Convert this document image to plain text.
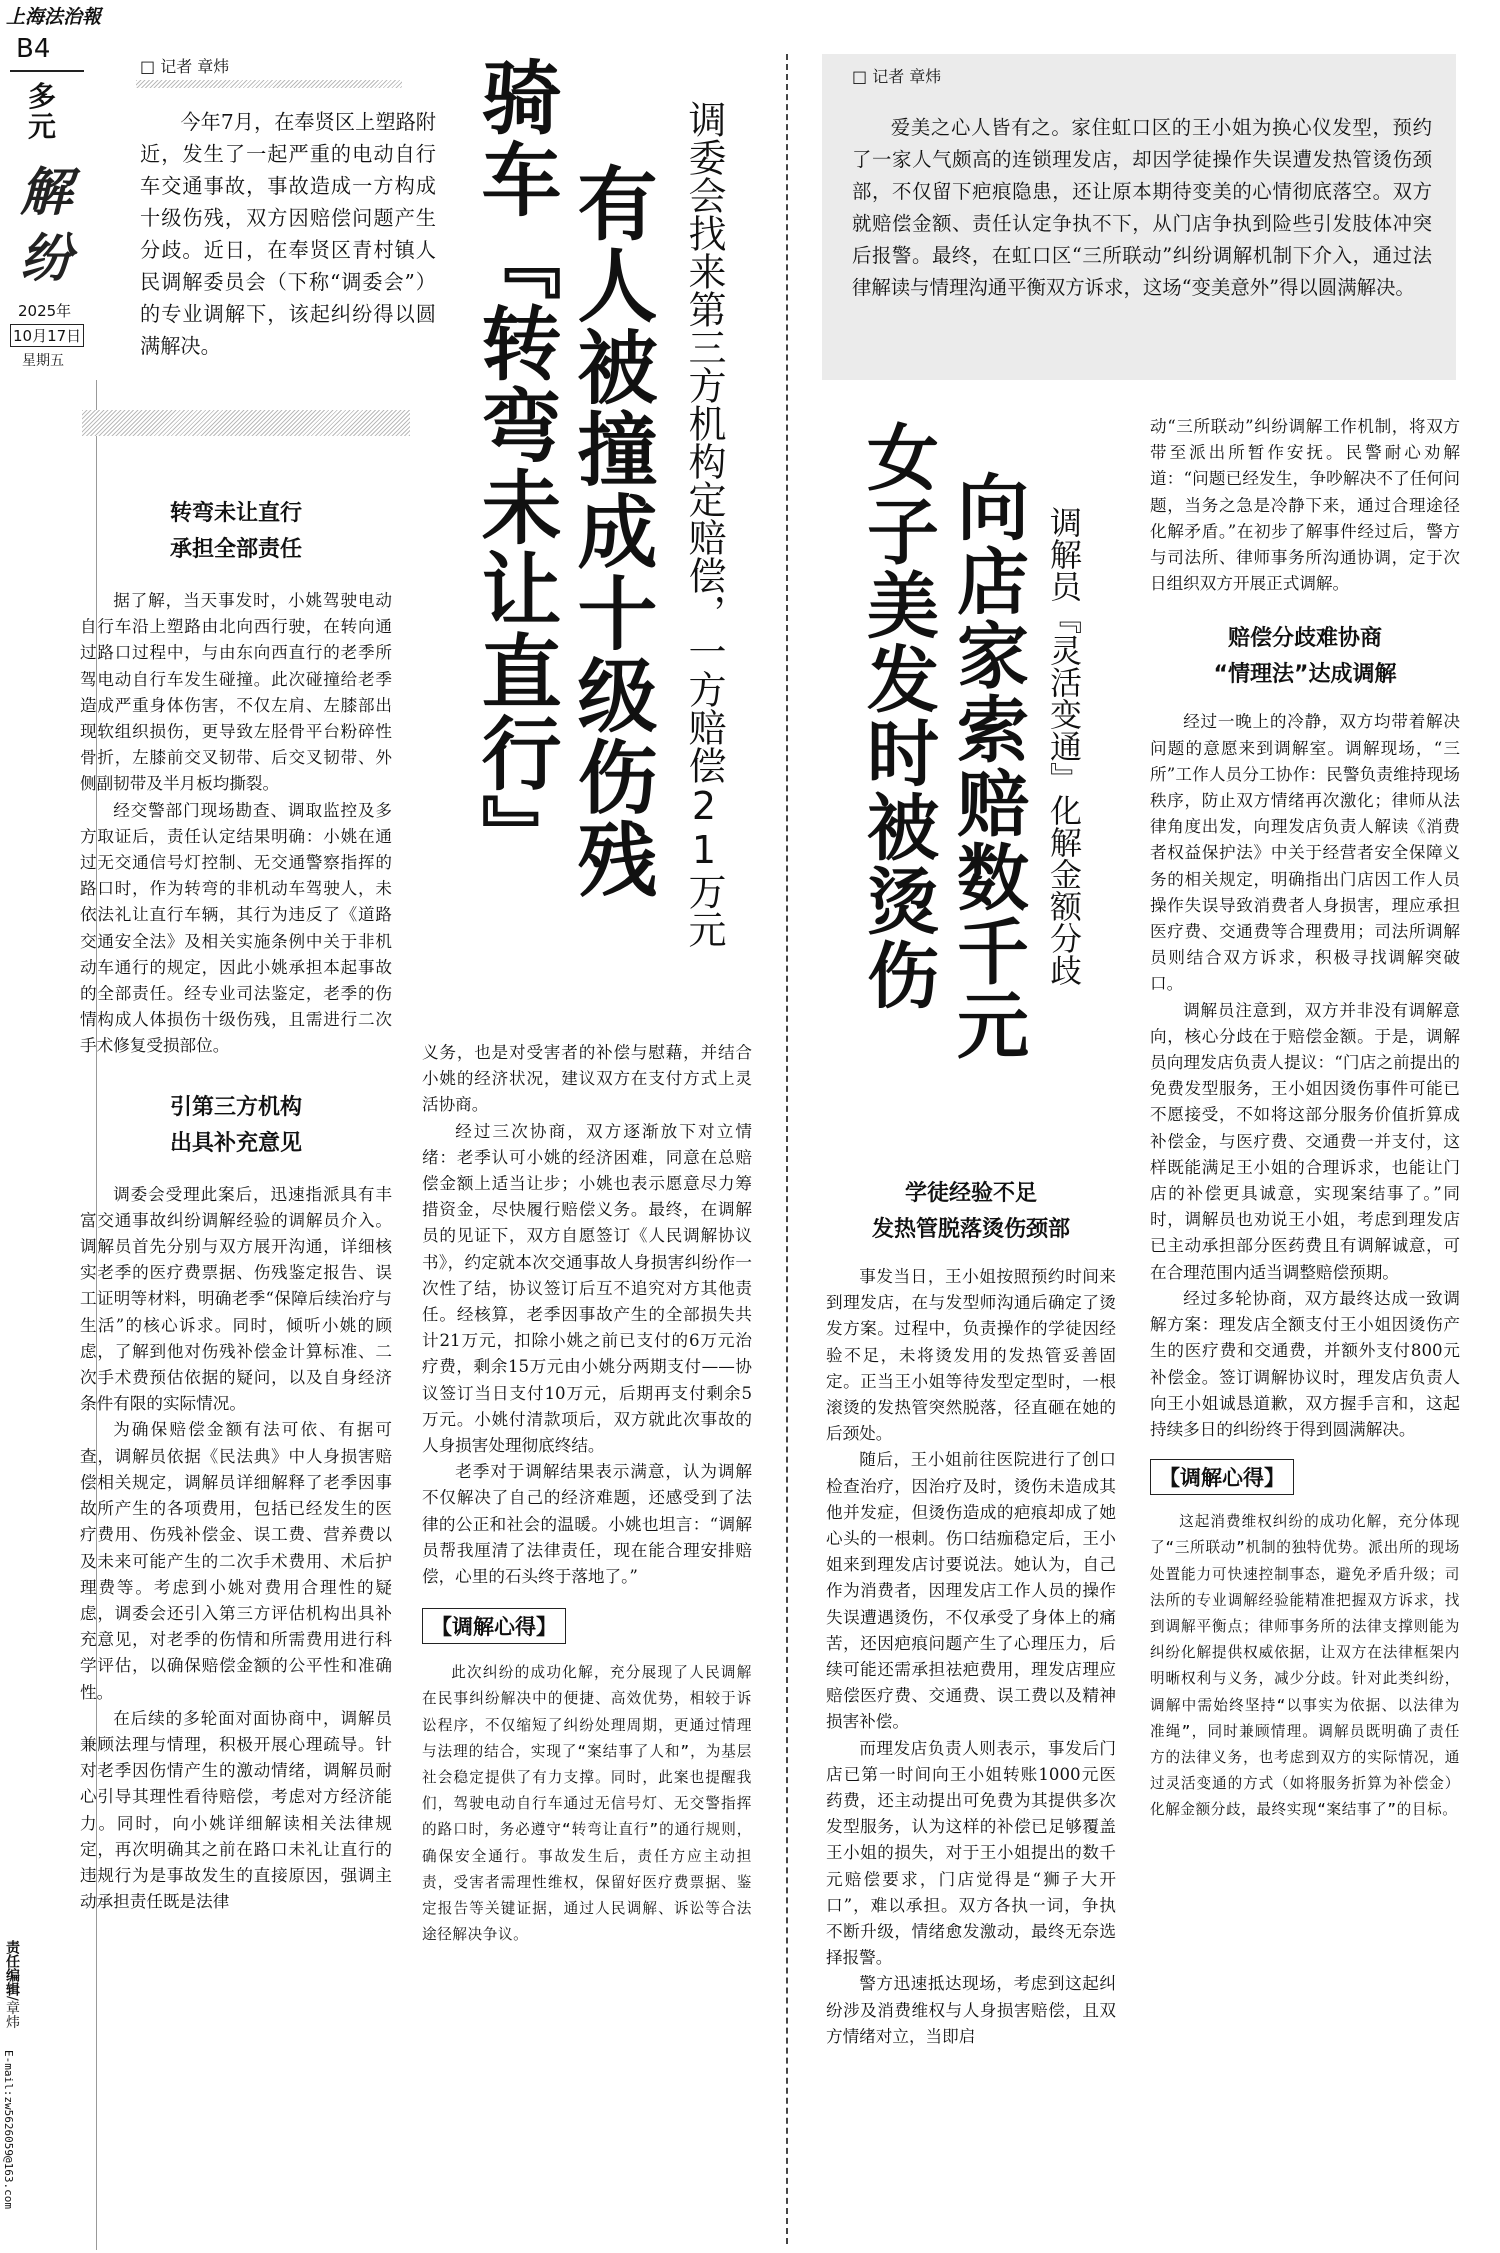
上海法治報
B4
多元
解
纷
2025年
10月17日
星期五
责任编辑/章炜
E-mail:zw5626059@163.com
□ 记者 章炜

今年7月，在奉贤区上塑路附近，发生了一起严重的电动自行车交通事故，事故造成一方构成十级伤残，双方因赔偿问题产生分歧。近日，在奉贤区青村镇人民调解委员会（下称“调委会”）的专业调解下，该起纠纷得以圆满解决。	骑车『转弯未让直行』 有人被撞成十级伤残 调委会找来第三方机构定赔偿，一方赔偿21万元

转弯未让直行

承担全部责任

据了解，当天事发时，小姚驾驶电动自行车沿上塑路由北向西行驶，在转向通过路口过程中，与由东向西直行的老季所驾电动自行车发生碰撞。此次碰撞给老季造成严重身体伤害，不仅左肩、左膝部出现软组织损伤，更导致左胫骨平台粉碎性骨折，左膝前交叉韧带、后交叉韧带、外侧副韧带及半月板均撕裂。

经交警部门现场勘查、调取监控及多方取证后，责任认定结果明确：小姚在通过无交通信号灯控制、无交通警察指挥的路口时，作为转弯的非机动车驾驶人，未依法礼让直行车辆，其行为违反了《道路交通安全法》及相关实施条例中关于非机动车通行的规定，因此小姚承担本起事故的全部责任。经专业司法鉴定，老季的伤情构成人体损伤十级伤残，且需进行二次手术修复受损部位。

引第三方机构

出具补充意见

调委会受理此案后，迅速指派具有丰富交通事故纠纷调解经验的调解员介入。调解员首先分别与双方展开沟通，详细核实老季的医疗费票据、伤残鉴定报告、误工证明等材料，明确老季“保障后续治疗与生活”的核心诉求。同时，倾听小姚的顾虑，了解到他对伤残补偿金计算标准、二次手术费预估依据的疑问，以及自身经济条件有限的实际情况。

为确保赔偿金额有法可依、有据可查，调解员依据《民法典》中人身损害赔偿相关规定，调解员详细解释了老季因事故所产生的各项费用，包括已经发生的医疗费用、伤残补偿金、误工费、营养费以及未来可能产生的二次手术费用、术后护理费等。考虑到小姚对费用合理性的疑虑，调委会还引入第三方评估机构出具补充意见，对老季的伤情和所需费用进行科学评估，以确保赔偿金额的公平性和准确性。

在后续的多轮面对面协商中，调解员兼顾法理与情理，积极开展心理疏导。针对老季因伤情产生的激动情绪，调解员耐心引导其理性看待赔偿，考虑对方经济能力。同时，向小姚详细解读相关法律规定，再次明确其之前在路口未礼让直行的违规行为是事故发生的直接原因，强调主动承担责任既是法律

义务，也是对受害者的补偿与慰藉，并结合小姚的经济状况，建议双方在支付方式上灵活协商。

经过三次协商，双方逐渐放下对立情绪：老季认可小姚的经济困难，同意在总赔偿金额上适当让步；小姚也表示愿意尽力筹措资金，尽快履行赔偿义务。最终，在调解员的见证下，双方自愿签订《人民调解协议书》，约定就本次交通事故人身损害纠纷作一次性了结，协议签订后互不追究对方其他责任。经核算，老季因事故产生的全部损失共计21万元，扣除小姚之前已支付的6万元治疗费，剩余15万元由小姚分两期支付——协议签订当日支付10万元，后期再支付剩余5万元。小姚付清款项后，双方就此次事故的人身损害处理彻底终结。

老季对于调解结果表示满意，认为调解不仅解决了自己的经济难题，还感受到了法律的公正和社会的温暖。小姚也坦言：“调解员帮我厘清了法律责任，现在能合理安排赔偿，心里的石头终于落地了。”

【调解心得】

此次纠纷的成功化解，充分展现了人民调解在民事纠纷解决中的便捷、高效优势，相较于诉讼程序，不仅缩短了纠纷处理周期，更通过情理与法理的结合，实现了“案结事了人和”，为基层社会稳定提供了有力支撑。同时，此案也提醒我们，驾驶电动自行车通过无信号灯、无交警指挥的路口时，务必遵守“转弯让直行”的通行规则，确保安全通行。事故发生后，责任方应主动担责，受害者需理性维权，保留好医疗费票据、鉴定报告等关键证据，通过人民调解、诉讼等合法途径解决争议。

□ 记者 章炜

爱美之心人皆有之。家住虹口区的王小姐为换心仪发型，预约了一家人气颇高的连锁理发店，却因学徒操作失误遭发热管烫伤颈部，不仅留下疤痕隐患，还让原本期待变美的心情彻底落空。双方就赔偿金额、责任认定争执不下，从门店争执到险些引发肢体冲突后报警。最终，在虹口区“三所联动”纠纷调解机制下介入，通过法律解读与情理沟通平衡双方诉求，这场“变美意外”得以圆满解决。

女子美发时被烫伤 向店家索赔数千元 调解员『灵活变通』化解金额分歧

学徒经验不足

发热管脱落烫伤颈部

事发当日，王小姐按照预约时间来到理发店，在与发型师沟通后确定了烫发方案。过程中，负责操作的学徒因经验不足，未将烫发用的发热管妥善固定。正当王小姐等待发型定型时，一根滚烫的发热管突然脱落，径直砸在她的后颈处。

随后，王小姐前往医院进行了创口检查治疗，因治疗及时，烫伤未造成其他并发症，但烫伤造成的疤痕却成了她心头的一根刺。伤口结痂稳定后，王小姐来到理发店讨要说法。她认为，自己作为消费者，因理发店工作人员的操作失误遭遇烫伤，不仅承受了身体上的痛苦，还因疤痕问题产生了心理压力，后续可能还需承担祛疤费用，理发店理应赔偿医疗费、交通费、误工费以及精神损害补偿。

而理发店负责人则表示，事发后门店已第一时间向王小姐转账1000元医药费，还主动提出可免费为其提供多次发型服务，认为这样的补偿已足够覆盖王小姐的损失，对于王小姐提出的数千元赔偿要求，门店觉得是“狮子大开口”，难以承担。双方各执一词，争执不断升级，情绪愈发激动，最终无奈选择报警。

警方迅速抵达现场，考虑到这起纠纷涉及消费维权与人身损害赔偿，且双方情绪对立，当即启

动“三所联动”纠纷调解工作机制，将双方带至派出所暂作安抚。民警耐心劝解道：“问题已经发生，争吵解决不了任何问题，当务之急是冷静下来，通过合理途径化解矛盾。”在初步了解事件经过后，警方与司法所、律师事务所沟通协调，定于次日组织双方开展正式调解。

赔偿分歧难协商

“情理法”达成调解

经过一晚上的冷静，双方均带着解决问题的意愿来到调解室。调解现场，“三所”工作人员分工协作：民警负责维持现场秩序，防止双方情绪再次激化；律师从法律角度出发，向理发店负责人解读《消费者权益保护法》中关于经营者安全保障义务的相关规定，明确指出门店因工作人员操作失误导致消费者人身损害，理应承担医疗费、交通费等合理费用；司法所调解员则结合双方诉求，积极寻找调解突破口。

调解员注意到，双方并非没有调解意向，核心分歧在于赔偿金额。于是，调解员向理发店负责人提议：“门店之前提出的免费发型服务，王小姐因烫伤事件可能已不愿接受，不如将这部分服务价值折算成补偿金，与医疗费、交通费一并支付，这样既能满足王小姐的合理诉求，也能让门店的补偿更具诚意，实现案结事了。”同时，调解员也劝说王小姐，考虑到理发店已主动承担部分医药费且有调解诚意，可在合理范围内适当调整赔偿预期。

经过多轮协商，双方最终达成一致调解方案：理发店全额支付王小姐因烫伤产生的医疗费和交通费，并额外支付800元补偿金。签订调解协议时，理发店负责人向王小姐诚恳道歉，双方握手言和，这起持续多日的纠纷终于得到圆满解决。

【调解心得】

这起消费维权纠纷的成功化解，充分体现了“三所联动”机制的独特优势。派出所的现场处置能力可快速控制事态，避免矛盾升级；司法所的专业调解经验能精准把握双方诉求，找到调解平衡点；律师事务所的法律支撑则能为纠纷化解提供权威依据，让双方在法律框架内明晰权利与义务，减少分歧。针对此类纠纷，调解中需始终坚持“以事实为依据、以法律为准绳”，同时兼顾情理。调解员既明确了责任方的法律义务，也考虑到双方的实际情况，通过灵活变通的方式（如将服务折算为补偿金）化解金额分歧，最终实现“案结事了”的目标。
